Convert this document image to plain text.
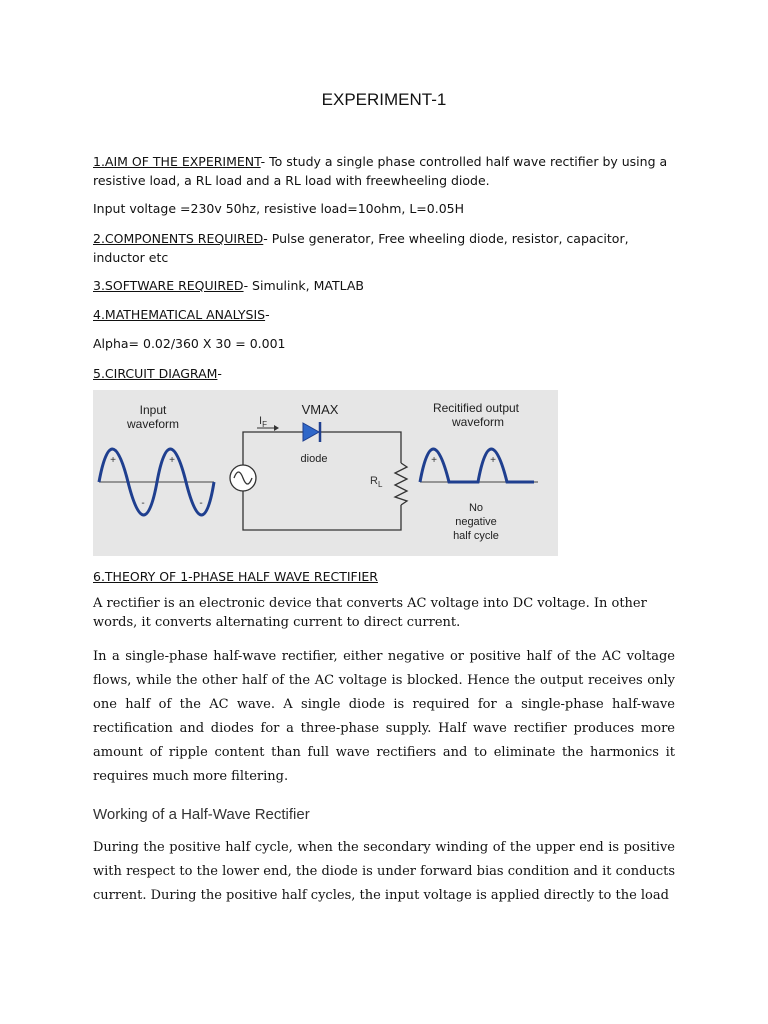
EXPERIMENT-1
1.AIM OF THE EXPERIMENT- To study a single phase controlled half wave rectifier by using a
resistive load, a RL load and a RL load with freewheeling diode.
Input voltage =230v 50hz, resistive load=10ohm, L=0.05H
2.COMPONENTS REQUIRED- Pulse generator, Free wheeling diode, resistor, capacitor,
inductor etc
3.SOFTWARE REQUIRED- Simulink, MATLAB
4.MATHEMATICAL ANALYSIS-
Alpha= 0.02/360 X 30 = 0.001
5.CIRCUIT DIAGRAM-
Input
waveform
VMAX
diode
Recitified output
waveform
No
negative
half cycle
$I_F$
+	+
-	-
$R_L$
+	+
6.THEORY OF 1-PHASE HALF WAVE RECTIFIER
A rectifier is an electronic device that converts AC voltage into DC voltage. In other
words, it converts alternating current to direct current.
In a single-phase half-wave rectifier, either negative or positive half of the AC voltage flows, while the other half of the AC voltage is blocked. Hence the output receives only one half of the AC wave. A single diode is required for a single-phase half-wave rectification and diodes for a three-phase supply. Half wave rectifier produces more amount of ripple content than full wave rectifiers and to eliminate the harmonics it requires much more filtering.
Working of a Half-Wave Rectifier
During the positive half cycle, when the secondary winding of the upper end is positive with respect to the lower end, the diode is under forward bias condition and it conducts current. During the positive half cycles, the input voltage is applied directly to the load
